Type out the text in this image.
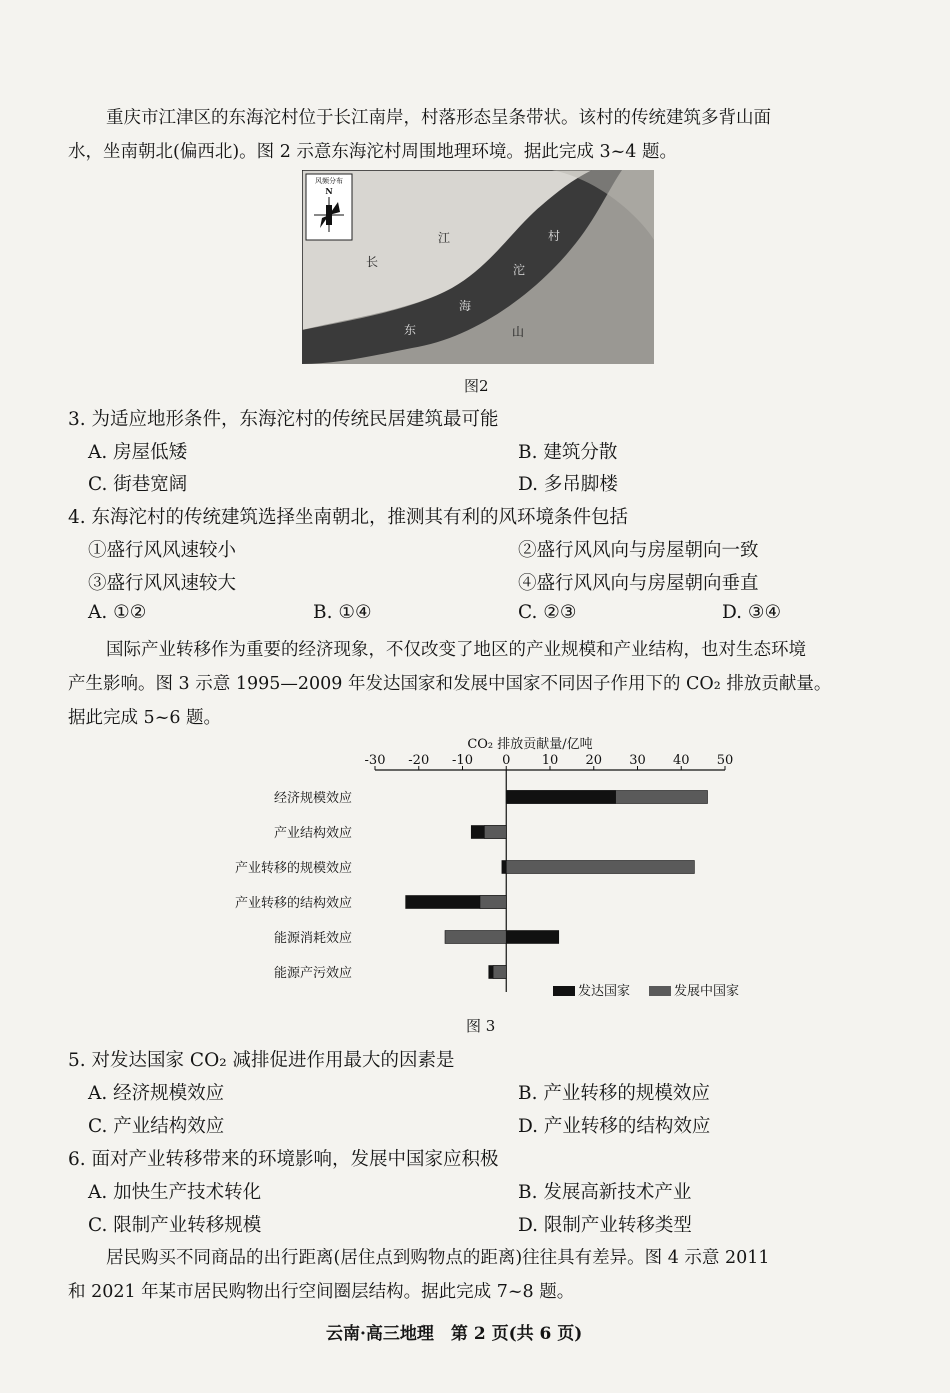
重庆市江津区的东海沱村位于长江南岸，村落形态呈条带状。该村的传统建筑多背山面
水，坐南朝北(偏西北)。图 2 示意东海沱村周围地理环境。据此完成 3~4 题。
风频分布
N
江
长
村
沱
海
东	山
图2
3. 为适应地形条件，东海沱村的传统民居建筑最可能
A. 房屋低矮	B. 建筑分散
C. 街巷宽阔	D. 多吊脚楼
4. 东海沱村的传统建筑选择坐南朝北，推测其有利的风环境条件包括
①盛行风风速较小	②盛行风风向与房屋朝向一致
③盛行风风速较大	④盛行风风向与房屋朝向垂直
A. ①②	B. ①④	C. ②③	D. ③④
国际产业转移作为重要的经济现象，不仅改变了地区的产业规模和产业结构，也对生态环境
产生影响。图 3 示意 1995—2009 年发达国家和发展中国家不同因子作用下的 CO₂ 排放贡献量。
据此完成 5~6 题。
CO₂ 排放贡献量/亿吨
-30 -20 -10 0 10 20 30 40 50
经济规模效应
产业结构效应
产业转移的规模效应
产业转移的结构效应
能源消耗效应
能源产污效应
发达国家	发展中国家
图 3
5. 对发达国家 CO₂ 减排促进作用最大的因素是
A. 经济规模效应	B. 产业转移的规模效应
C. 产业结构效应	D. 产业转移的结构效应
6. 面对产业转移带来的环境影响，发展中国家应积极
A. 加快生产技术转化	B. 发展高新技术产业
C. 限制产业转移规模	D. 限制产业转移类型
居民购买不同商品的出行距离(居住点到购物点的距离)往往具有差异。图 4 示意 2011
和 2021 年某市居民购物出行空间圈层结构。据此完成 7~8 题。
云南·高三地理　第 2 页(共 6 页)
